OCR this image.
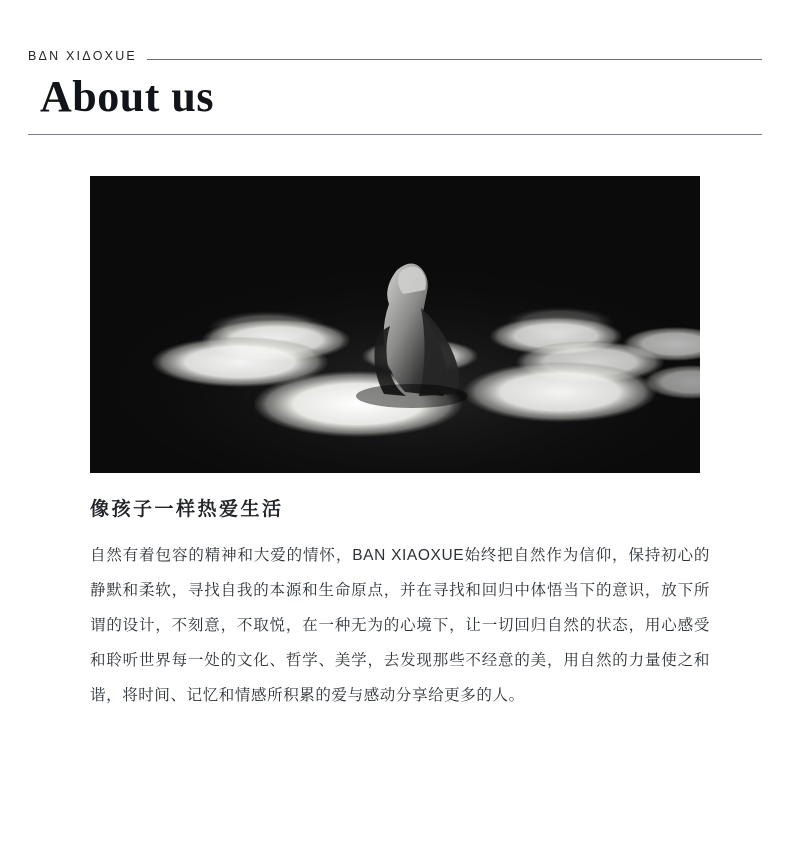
BΔN XIΔOXUE
About us
像孩子一样热爱生活

自然有着包容的精神和大爱的情怀，BAN XIAOXUE始终把自然作为信仰，保持初心的静默和柔软，寻找自我的本源和生命原点，并在寻找和回归中体悟当下的意识，放下所谓的设计，不刻意，不取悦，在一种无为的心境下，让一切回归自然的状态，用心感受和聆听世界每一处的文化、哲学、美学，去发现那些不经意的美，用自然的力量使之和谐，将时间、记忆和情感所积累的爱与感动分享给更多的人。
